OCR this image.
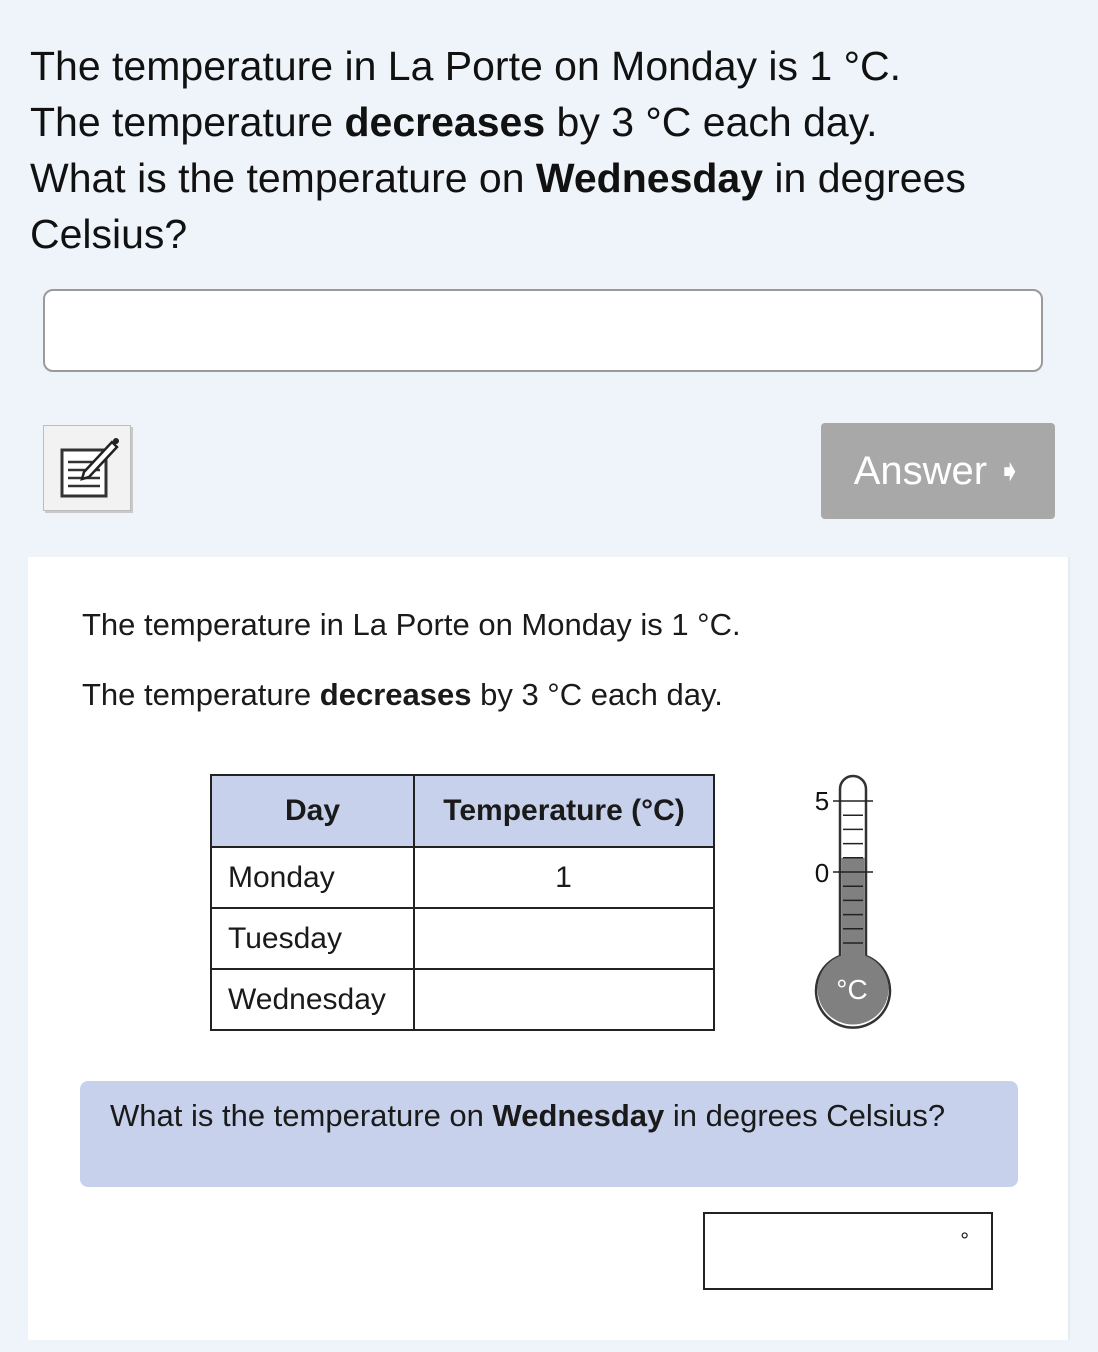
The temperature in La Porte on Monday is 1 °C.

The temperature decreases by 3 °C each day.

What is the temperature on Wednesday in degrees Celsius?

Answer ➧
The temperature in La Porte on Monday is 1 °C.
The temperature decreases by 3 °C each day.
Day	Temperature (°C)
Monday	1
Tuesday	
Wednesday	
5
0
°C
What is the temperature on Wednesday in degrees Celsius?
°
